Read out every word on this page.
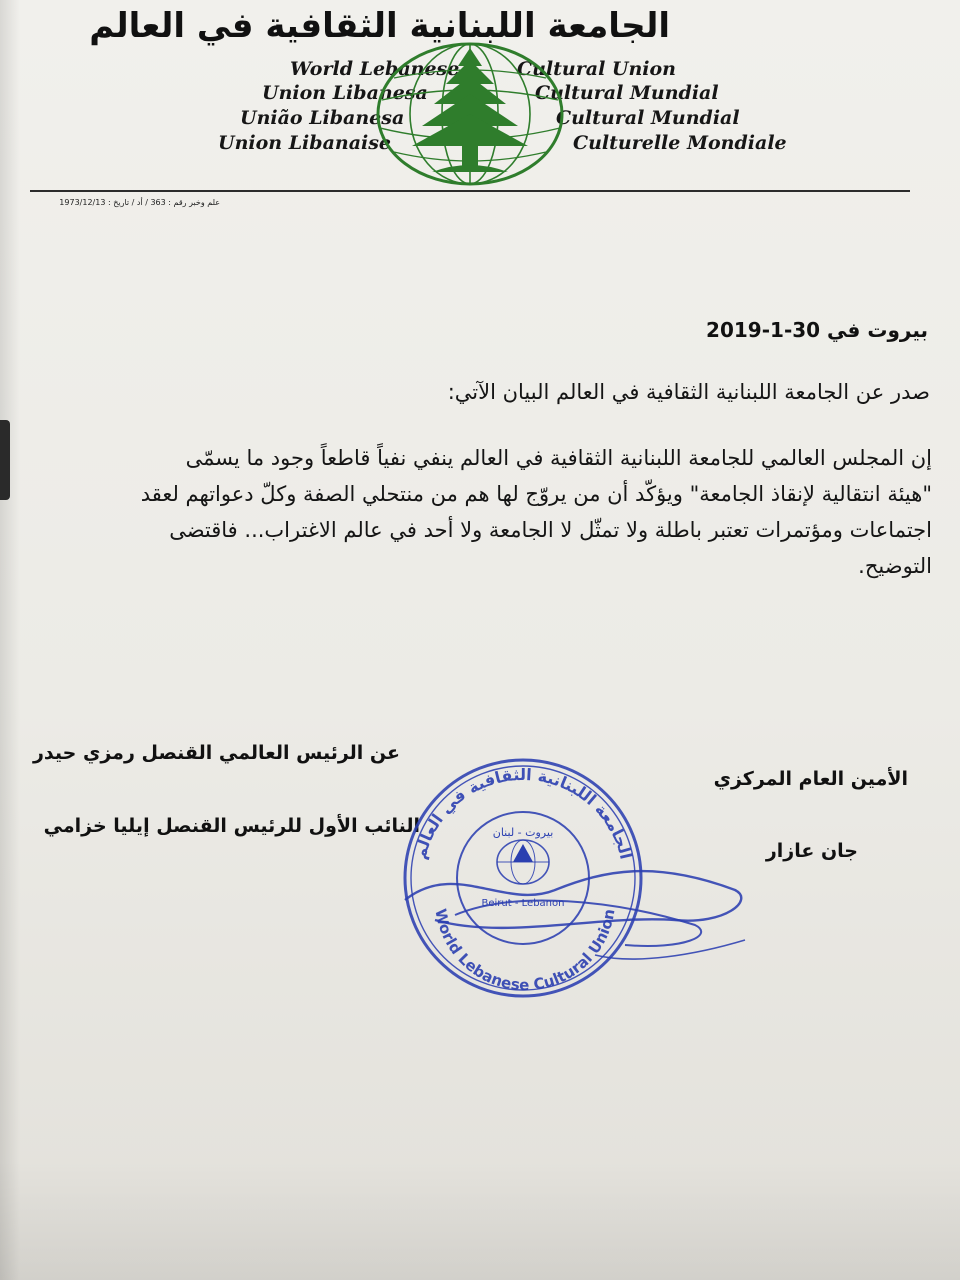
الجامعة اللبنانية الثقافية في العالم
World Lebanese
Union Libanesa
União Libanesa
Union Libanaise
Cultural Union
Cultural Mundial
Cultural Mundial
Culturelle Mondiale
علم وخبر رقم : 363 / أد / تاريخ : 1973/12/13
بيروت في 30-1-2019
صدر عن الجامعة اللبنانية الثقافية في العالم البيان الآتي:
إن المجلس العالمي للجامعة اللبنانية الثقافية في العالم ينفي نفياً قاطعاً وجود ما يسمّى
"هيئة انتقالية لإنقاذ الجامعة" ويؤكّد أن من يروّج لها هم من منتحلي الصفة وكلّ دعواتهم لعقد
اجتماعات ومؤتمرات تعتبر باطلة ولا تمثّل لا الجامعة ولا أحد في عالم الاغتراب... فاقتضى
التوضيح.
عن الرئيس العالمي القنصل رمزي حيدر
النائب الأول للرئيس القنصل إيليا خزامي
الأمين العام المركزي
جان عازار
الجامعة اللبنانية الثقافية في العالم
World Lebanese Cultural Union
بيروت - لبنان
Beirut - Lebanon
